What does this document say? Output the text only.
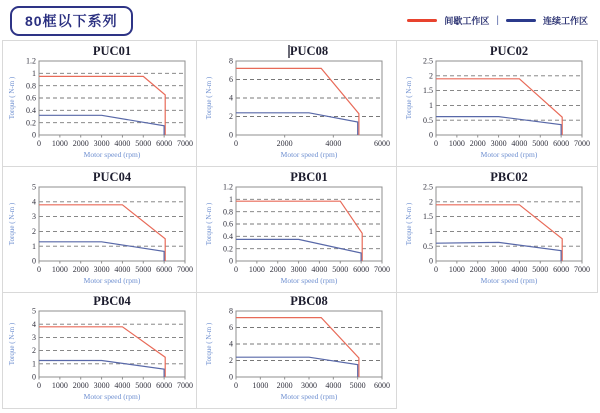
80框以下系列	间歇工作区 |	连续工作区
0
0.2
0.4
0.6
0.8
1
1.2
0 1000 2000 3000 4000 5000 6000 7000
PUC01
Motor speed (rpm)
Torque ( N-m )
0
2
4
6
8
0	2000	4000	6000
PUC08
Motor speed (rpm)
Torque ( N-m )
0
0.5
1
1.5
2
2.5
0 1000 2000 3000 4000 5000 6000 7000
PUC02
Motor speed (rpm)
Torque ( N-m )
0
1
2
3
4
5
0 1000 2000 3000 4000 5000 6000 7000
PUC04
Motor speed (rpm)
Torque ( N-m )
0
0.2
0.4
0.6
0.8
1
1.2
0 1000 2000 3000 4000 5000 6000 7000
PBC01
Motor speed (rpm)
Torque ( N-m )
0
0.5
1
1.5
2
2.5
0 1000 2000 3000 4000 5000 6000 7000
PBC02
Motor speed (rpm)
Torque ( N-m )
0
1
2
3
4
5
0 1000 2000 3000 4000 5000 6000 7000
PBC04
Motor speed (rpm)
Torque ( N-m )
0
2
4
6
8
0 1000 2000 3000 4000 5000 6000
PBC08
Motor speed (rpm)
Torque ( N-m )
